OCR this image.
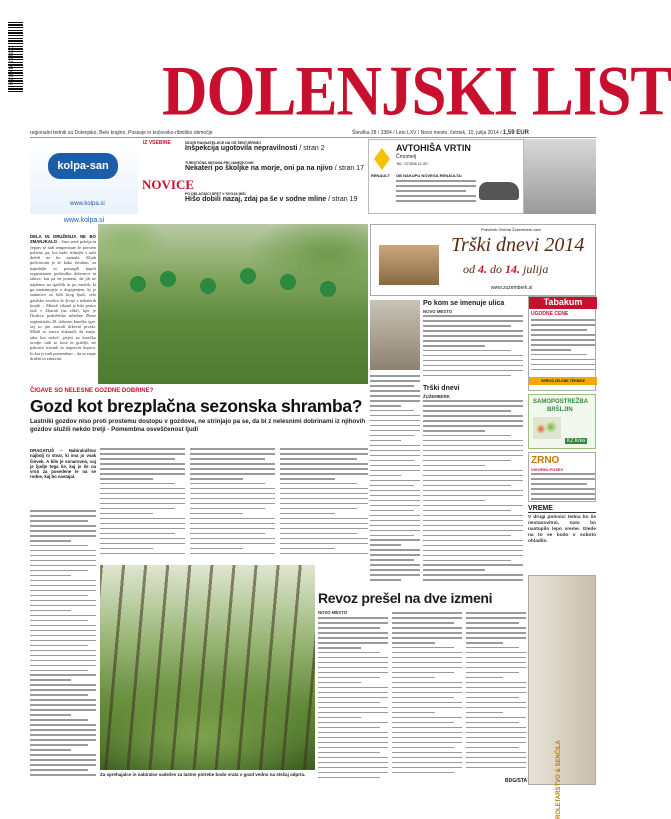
9 770416 722000 DOLENJSKI LIST
regionalni tednik za Dolenjsko, Belo krajino, Posavje in kočevsko-ribniško območje	Številka 28 / 3384 / Leto LXV / Novo mesto, četrtek, 10. julija 2014 / 1,59 EUR
kolpa-san
www.kolpa.si
IZ VSEBINE
NOVICE
IZDOR RAVNATELJICE NA OŠ ŠENTJERNEJ
Inšpekcija ugotovila nepravilnosti / stran 2
TURISTIČNA SEZONA PRI JANEZKOVIH
Nekateri po školjke na morje, oni pa na njivo / stran 17
PO DELAČKICI SPET V SVOJA HIŠI
Hišo dobili nazaj, zdaj pa še v sodne mline / stran 19
RENAULT
AVTOHIŠA VRTIN
Črnomelj
Tel.: 07/306 11 00
OB NAKUPU NOVEGA RENAULTA:
www.kolpa.si
DELA IN DRUŽENJA NE BO ZMANJKALO – Smo sredi poletja in čeprav se tudi temperature že povsem poletne, pa, kot kaže, trdnejše v naši deželi ne bo zaznala. Kljub počitnicam je še kako živahno, za najmlajše so pomagili kupili organizirane počitniške delavnice in tabore, kar pa ne pomeni, da jih ne najdemo na igriščih in po mestih, ki ga zaznamujejo z dogajanjem, ki je zanimivo za širši krog ljudi, celo gasilske veselice še živijo v nekaterih krajih ... Minuli vikend je bilo pestro tudi v Zburah (na sliki), kjer je Društvo podeželske mladine Zbure organiziralo 28. državno kmečke igre, saj so jim zaorali državni prvaki. Mladi so znova dokazali, da znajo, tako kot nekoč, prijeti za kmečko orodje, tudi so kose in grablje, ter pokositi travnik in napraviti kopico. In kar je tudi pomembno – da se znajo družiti in zabavati.
Pravičnik Občina Žužemberk vabi
Trški dnevi 2014
od 4. do 14. julija
www.zuzemberk.si
Tabakum
UGODNE CENE
SERVIS ZELENE TEHNIKE
SAMOPOSTREŽBA
BRŠLJIN
KZ Krka
ZRNO
VIGORIO-POSEV
VREME
V drugi polovici tedna bo še nestanovitno, nato bo nastopilo lepo vreme. Glede na to se bodo v soboto ohladilo.
Po kom se imenuje ulica
NOVO MESTO
Trški dnevi
ŽUŽEMBERK
ČIGAVE SO NELESNE GOZDNE DOBRINE?
Gozd kot brezplačna sezonska shramba?
Lastniki gozdov niso proti prostemu dostopu v gozdove, ne strinjajo pa se, da bi z nelesnimi dobrinami iz njihovih gozdov služili nekdo tretji - Pomembna osveščenost ljudi
DRAGATUŠ – Nabiralništvo najbolj ni stvar, ki ima jo vsak človek. A bilo je sonarovno, saj je ljudje tega še, kaj je še na vrsti za posedene le na se rodne, kaj bo nastajal.
Za sprehajalce in nabiralce sadežev za lastne potrebe bodo vrata v gozd vedno na stežaj odprta.
Revoz prešel na dve izmeni
NOVO MESTO
BDG/STA	ROLETARSTVO & SENČILA
